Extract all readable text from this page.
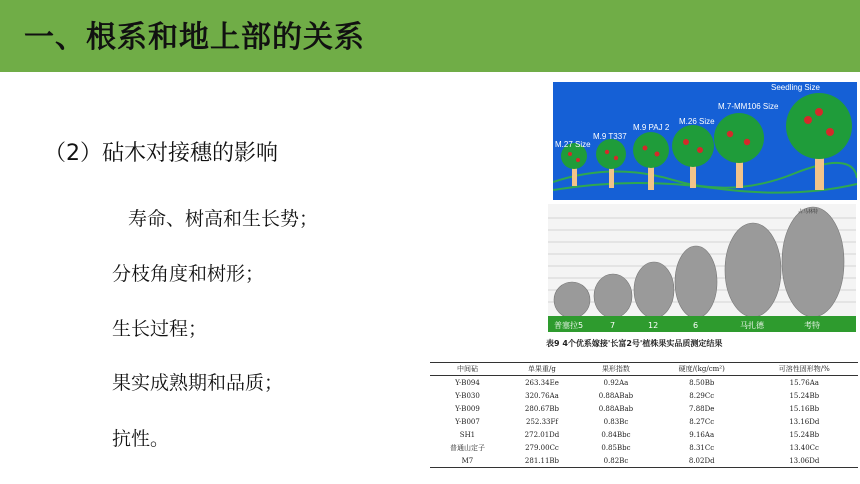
一、根系和地上部的关系
（2）砧木对接穗的影响
寿命、树高和生长势；
分枝角度和树形；
生长过程；
果实成熟期和品质；
抗性。
M.27 Size
M.9 T337
M.9 PAJ 2
M.26 Size
M.7-MM106 Size
Seedling Size
占马林特
普塞拉5	7	12	6	马扎德	考特
表9 4个优系嫁接'长富2号'植株果实品质测定结果
中间砧	单果重/g	果形指数	硬度/(kg/cm²)	可溶性固形物/%
Y-B094	263.34Ee	0.92Aa	8.50Bb	15.76Aa
Y-B030	320.76Aa	0.88ABab	8.29Cc	15.24Bb
Y-B009	280.67Bb	0.88ABab	7.88De	15.16Bb
Y-B007	252.33Ff	0.83Bc	8.27Cc	13.16Dd
SH1	272.01Dd	0.84Bbc	9.16Aa	15.24Bb
普通山定子	279.00Cc	0.85Bbc	8.31Cc	13.40Cc
M7	281.11Bb	0.82Bc	8.02Dd	13.06Dd
